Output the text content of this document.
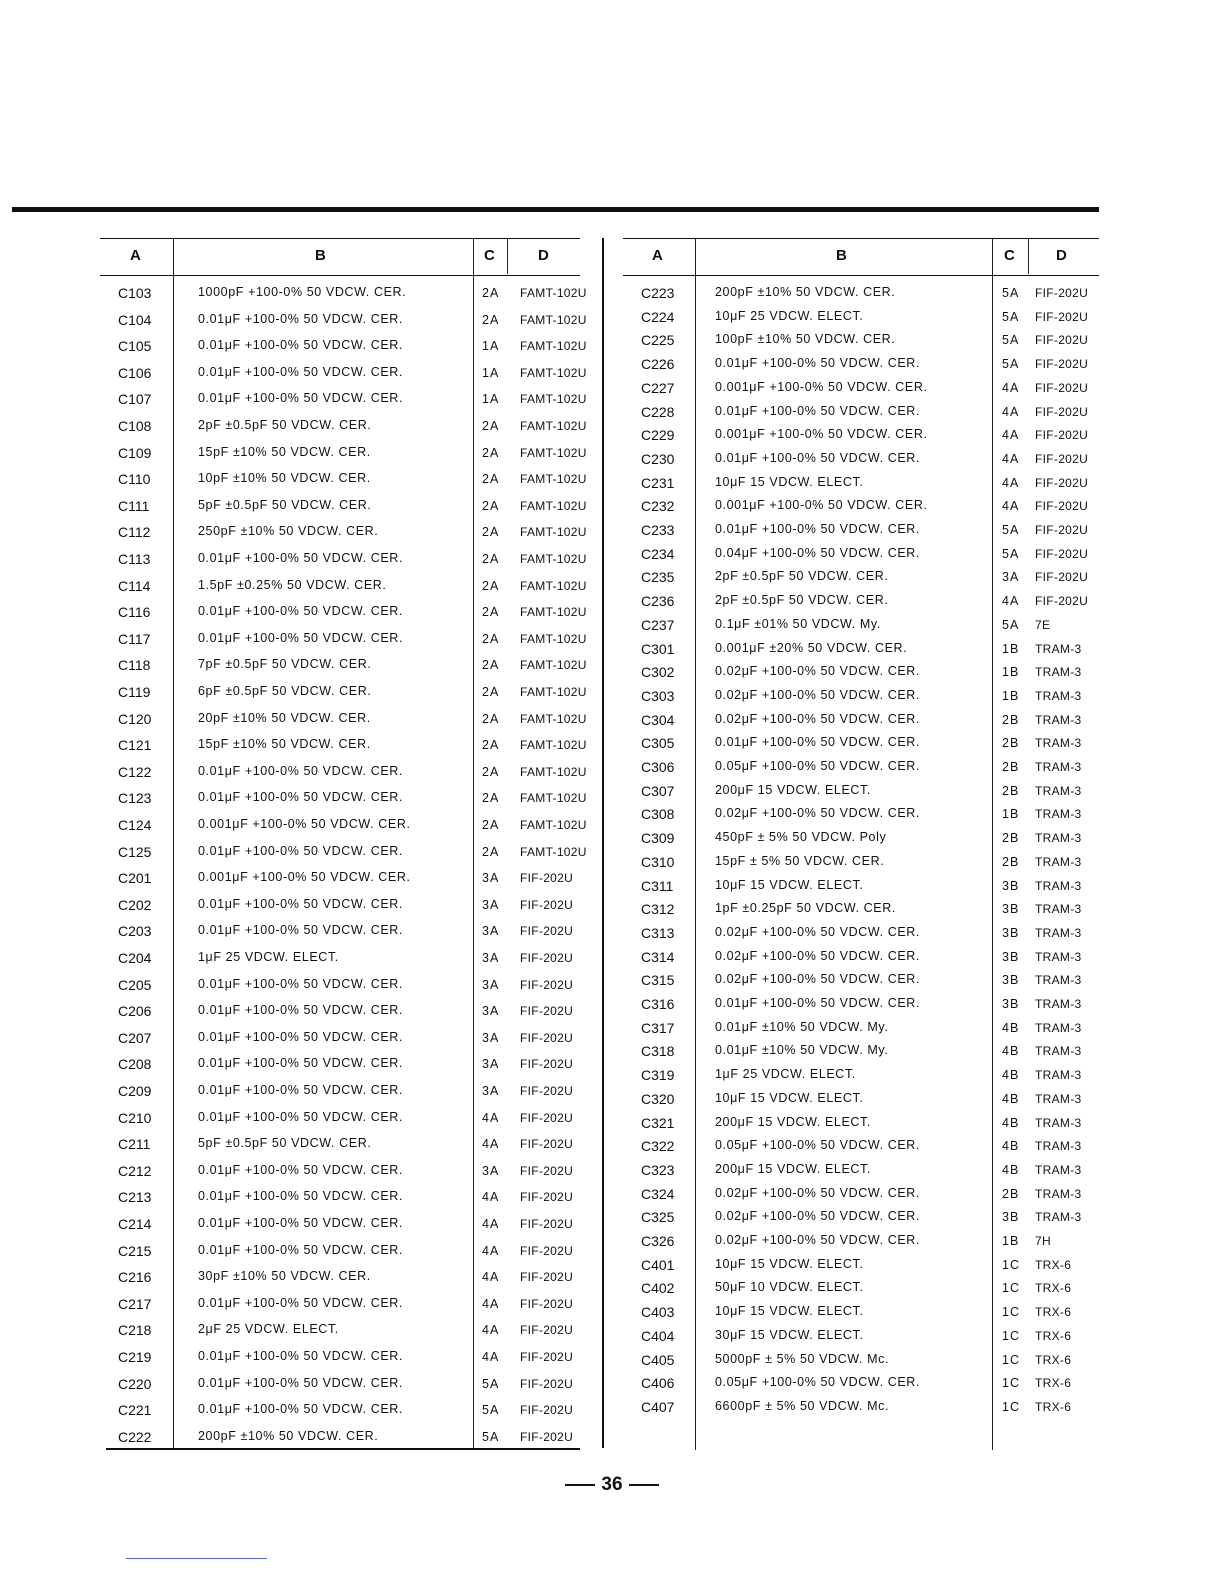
A	B	C	D
C103	1000pF +100-0% 50 VDCW. CER.	2A FAMT-102U
C104	0.01μF +100-0% 50 VDCW. CER.	2A FAMT-102U
C105	0.01μF +100-0% 50 VDCW. CER.	1A FAMT-102U
C106	0.01μF +100-0% 50 VDCW. CER.	1A FAMT-102U
C107	0.01μF +100-0% 50 VDCW. CER.	1A FAMT-102U
C108	2pF ±0.5pF 50 VDCW. CER.	2A FAMT-102U
C109	15pF ±10% 50 VDCW. CER.	2A FAMT-102U
C110	10pF ±10% 50 VDCW. CER.	2A FAMT-102U
C111	5pF ±0.5pF 50 VDCW. CER.	2A FAMT-102U
C112	250pF ±10% 50 VDCW. CER.	2A FAMT-102U
C113	0.01μF +100-0% 50 VDCW. CER.	2A FAMT-102U
C114	1.5pF ±0.25% 50 VDCW. CER.	2A FAMT-102U
C116	0.01μF +100-0% 50 VDCW. CER.	2A FAMT-102U
C117	0.01μF +100-0% 50 VDCW. CER.	2A FAMT-102U
C118	7pF ±0.5pF 50 VDCW. CER.	2A FAMT-102U
C119	6pF ±0.5pF 50 VDCW. CER.	2A FAMT-102U
C120	20pF ±10% 50 VDCW. CER.	2A FAMT-102U
C121	15pF ±10% 50 VDCW. CER.	2A FAMT-102U
C122	0.01μF +100-0% 50 VDCW. CER.	2A FAMT-102U
C123	0.01μF +100-0% 50 VDCW. CER.	2A FAMT-102U
C124	0.001μF +100-0% 50 VDCW. CER.	2A FAMT-102U
C125	0.01μF +100-0% 50 VDCW. CER.	2A FAMT-102U
C201	0.001μF +100-0% 50 VDCW. CER.	3A FIF-202U
C202	0.01μF +100-0% 50 VDCW. CER.	3A FIF-202U
C203	0.01μF +100-0% 50 VDCW. CER.	3A FIF-202U
C204	1μF 25 VDCW. ELECT.	3A FIF-202U
C205	0.01μF +100-0% 50 VDCW. CER.	3A FIF-202U
C206	0.01μF +100-0% 50 VDCW. CER.	3A FIF-202U
C207	0.01μF +100-0% 50 VDCW. CER.	3A FIF-202U
C208	0.01μF +100-0% 50 VDCW. CER.	3A FIF-202U
C209	0.01μF +100-0% 50 VDCW. CER.	3A FIF-202U
C210	0.01μF +100-0% 50 VDCW. CER.	4A FIF-202U
C211	5pF ±0.5pF 50 VDCW. CER.	4A FIF-202U
C212	0.01μF +100-0% 50 VDCW. CER.	3A FIF-202U
C213	0.01μF +100-0% 50 VDCW. CER.	4A FIF-202U
C214	0.01μF +100-0% 50 VDCW. CER.	4A FIF-202U
C215	0.01μF +100-0% 50 VDCW. CER.	4A FIF-202U
C216	30pF ±10% 50 VDCW. CER.	4A FIF-202U
C217	0.01μF +100-0% 50 VDCW. CER.	4A FIF-202U
C218	2μF 25 VDCW. ELECT.	4A FIF-202U
C219	0.01μF +100-0% 50 VDCW. CER.	4A FIF-202U
C220	0.01μF +100-0% 50 VDCW. CER.	5A FIF-202U
C221	0.01μF +100-0% 50 VDCW. CER.	5A FIF-202U
C222	200pF ±10% 50 VDCW. CER.	5A FIF-202U
A	B	C	D
C223	200pF ±10% 50 VDCW. CER.	5A FIF-202U
C224	10μF 25 VDCW. ELECT.	5A FIF-202U
C225	100pF ±10% 50 VDCW. CER.	5A FIF-202U
C226	0.01μF +100-0% 50 VDCW. CER.	5A FIF-202U
C227	0.001μF +100-0% 50 VDCW. CER.	4A FIF-202U
C228	0.01μF +100-0% 50 VDCW. CER.	4A FIF-202U
C229	0.001μF +100-0% 50 VDCW. CER.	4A FIF-202U
C230	0.01μF +100-0% 50 VDCW. CER.	4A FIF-202U
C231	10μF 15 VDCW. ELECT.	4A FIF-202U
C232	0.001μF +100-0% 50 VDCW. CER.	4A FIF-202U
C233	0.01μF +100-0% 50 VDCW. CER.	5A FIF-202U
C234	0.04μF +100-0% 50 VDCW. CER.	5A FIF-202U
C235	2pF ±0.5pF 50 VDCW. CER.	3A FIF-202U
C236	2pF ±0.5pF 50 VDCW. CER.	4A FIF-202U
C237	0.1μF ±01% 50 VDCW. My.	5A 7E
C301	0.001μF ±20% 50 VDCW. CER.	1B TRAM-3
C302	0.02μF +100-0% 50 VDCW. CER.	1B TRAM-3
C303	0.02μF +100-0% 50 VDCW. CER.	1B TRAM-3
C304	0.02μF +100-0% 50 VDCW. CER.	2B TRAM-3
C305	0.01μF +100-0% 50 VDCW. CER.	2B TRAM-3
C306	0.05μF +100-0% 50 VDCW. CER.	2B TRAM-3
C307	200μF 15 VDCW. ELECT.	2B TRAM-3
C308	0.02μF +100-0% 50 VDCW. CER.	1B TRAM-3
C309	450pF ± 5% 50 VDCW. Poly	2B TRAM-3
C310	15pF ± 5% 50 VDCW. CER.	2B TRAM-3
C311	10μF 15 VDCW. ELECT.	3B TRAM-3
C312	1pF ±0.25pF 50 VDCW. CER.	3B TRAM-3
C313	0.02μF +100-0% 50 VDCW. CER.	3B TRAM-3
C314	0.02μF +100-0% 50 VDCW. CER.	3B TRAM-3
C315	0.02μF +100-0% 50 VDCW. CER.	3B TRAM-3
C316	0.01μF +100-0% 50 VDCW. CER.	3B TRAM-3
C317	0.01μF ±10% 50 VDCW. My.	4B TRAM-3
C318	0.01μF ±10% 50 VDCW. My.	4B TRAM-3
C319	1μF 25 VDCW. ELECT.	4B TRAM-3
C320	10μF 15 VDCW. ELECT.	4B TRAM-3
C321	200μF 15 VDCW. ELECT.	4B TRAM-3
C322	0.05μF +100-0% 50 VDCW. CER.	4B TRAM-3
C323	200μF 15 VDCW. ELECT.	4B TRAM-3
C324	0.02μF +100-0% 50 VDCW. CER.	2B TRAM-3
C325	0.02μF +100-0% 50 VDCW. CER.	3B TRAM-3
C326	0.02μF +100-0% 50 VDCW. CER.	1B 7H
C401	10μF 15 VDCW. ELECT.	1C TRX-6
C402	50μF 10 VDCW. ELECT.	1C TRX-6
C403	10μF 15 VDCW. ELECT.	1C TRX-6
C404	30μF 15 VDCW. ELECT.	1C TRX-6
C405	5000pF ± 5% 50 VDCW. Mc.	1C TRX-6
C406	0.05μF +100-0% 50 VDCW. CER.	1C TRX-6
C407	6600pF ± 5% 50 VDCW. Mc.	1C TRX-6
36
